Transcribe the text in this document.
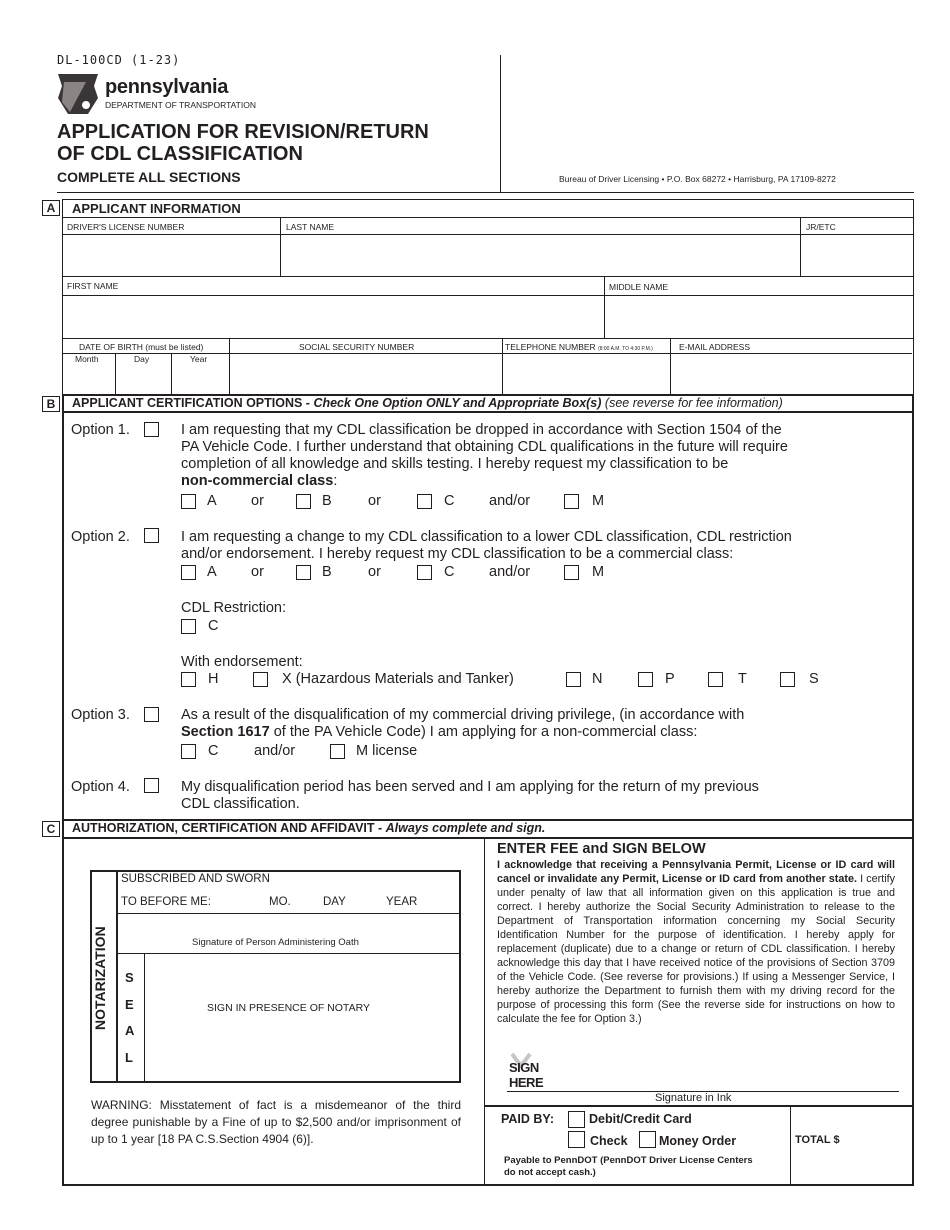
DL-100CD (1-23)
pennsylvania
DEPARTMENT OF TRANSPORTATION
APPLICATION FOR REVISION/RETURN
OF CDL CLASSIFICATION
COMPLETE ALL SECTIONS	Bureau of Driver Licensing • P.O. Box 68272 • Harrisburg, PA 17109-8272
A	APPLICANT INFORMATION
DRIVER'S LICENSE NUMBER	LAST NAME	JR/ETC
FIRST NAME	MIDDLE NAME
DATE OF BIRTH (must be listed)
Month	Day	Year
SOCIAL SECURITY NUMBER	TELEPHONE NUMBER (8:00 A.M. TO 4:30 P.M.)	E-MAIL ADDRESS
B	APPLICANT CERTIFICATION OPTIONS - Check One Option ONLY and Appropriate Box(s) (see reverse for fee information)
Option 1.	I am requesting that my CDL classification be dropped in accordance with Section 1504 of the
PA Vehicle Code. I further understand that obtaining CDL qualifications in the future will require
completion of all knowledge and skills testing. I hereby request my classification to be
non-commercial class:
A or	B	or	C and/or	M
Option 2.	I am requesting a change to my CDL classification to a lower CDL classification, CDL restriction
and/or endorsement. I hereby request my CDL classification to be a commercial class:
A or	B	or	C and/or	M
CDL Restriction:
C
With endorsement:
H	X (Hazardous Materials and Tanker)	N	P	T	S
Option 3.	As a result of the disqualification of my commercial driving privilege, (in accordance with
Section 1617 of the PA Vehicle Code) I am applying for a non-commercial class:
C and/or	M license
Option 4.	My disqualification period has been served and I am applying for the return of my previous
CDL classification.
C	AUTHORIZATION, CERTIFICATION AND AFFIDAVIT - Always complete and sign.
NOTARIZATION
SUBSCRIBED AND SWORN
TO BEFORE ME:	MO.	DAY	YEAR
Signature of Person Administering Oath
S
E
A
L
SIGN IN PRESENCE OF NOTARY
WARNING: Misstatement of fact is a misdemeanor of the third degree punishable by a Fine of up to $2,500 and/or imprisonment of up to 1 year [18 PA C.S.Section 4904 (6)].
ENTER FEE and SIGN BELOW
I acknowledge that receiving a Pennsylvania Permit, License or ID card will cancel or invalidate any Permit, License or ID card from another state. I certify under penalty of law that all information given on this application is true and correct. I hereby authorize the Social Security Administration to release to the Department of Transportation information concerning my Social Security Identification Number for the purpose of identification. I hereby apply for replacement (duplicate) due to a change or return of CDL classification. I hereby acknowledge this day that I have received notice of the provisions of Section 3709 of the Vehicle Code. (See reverse for provisions.) If using a Messenger Service, I hereby authorize the Department to furnish them with my driving record for the purpose of processing this form (See the reverse side for instructions on how to calculate the fee for Option 3.)
SIGN
HERE
Signature in Ink
PAID BY:	Debit/Credit Card
Check	Money Order
Payable to PennDOT (PennDOT Driver License Centers do not accept cash.)
TOTAL $
